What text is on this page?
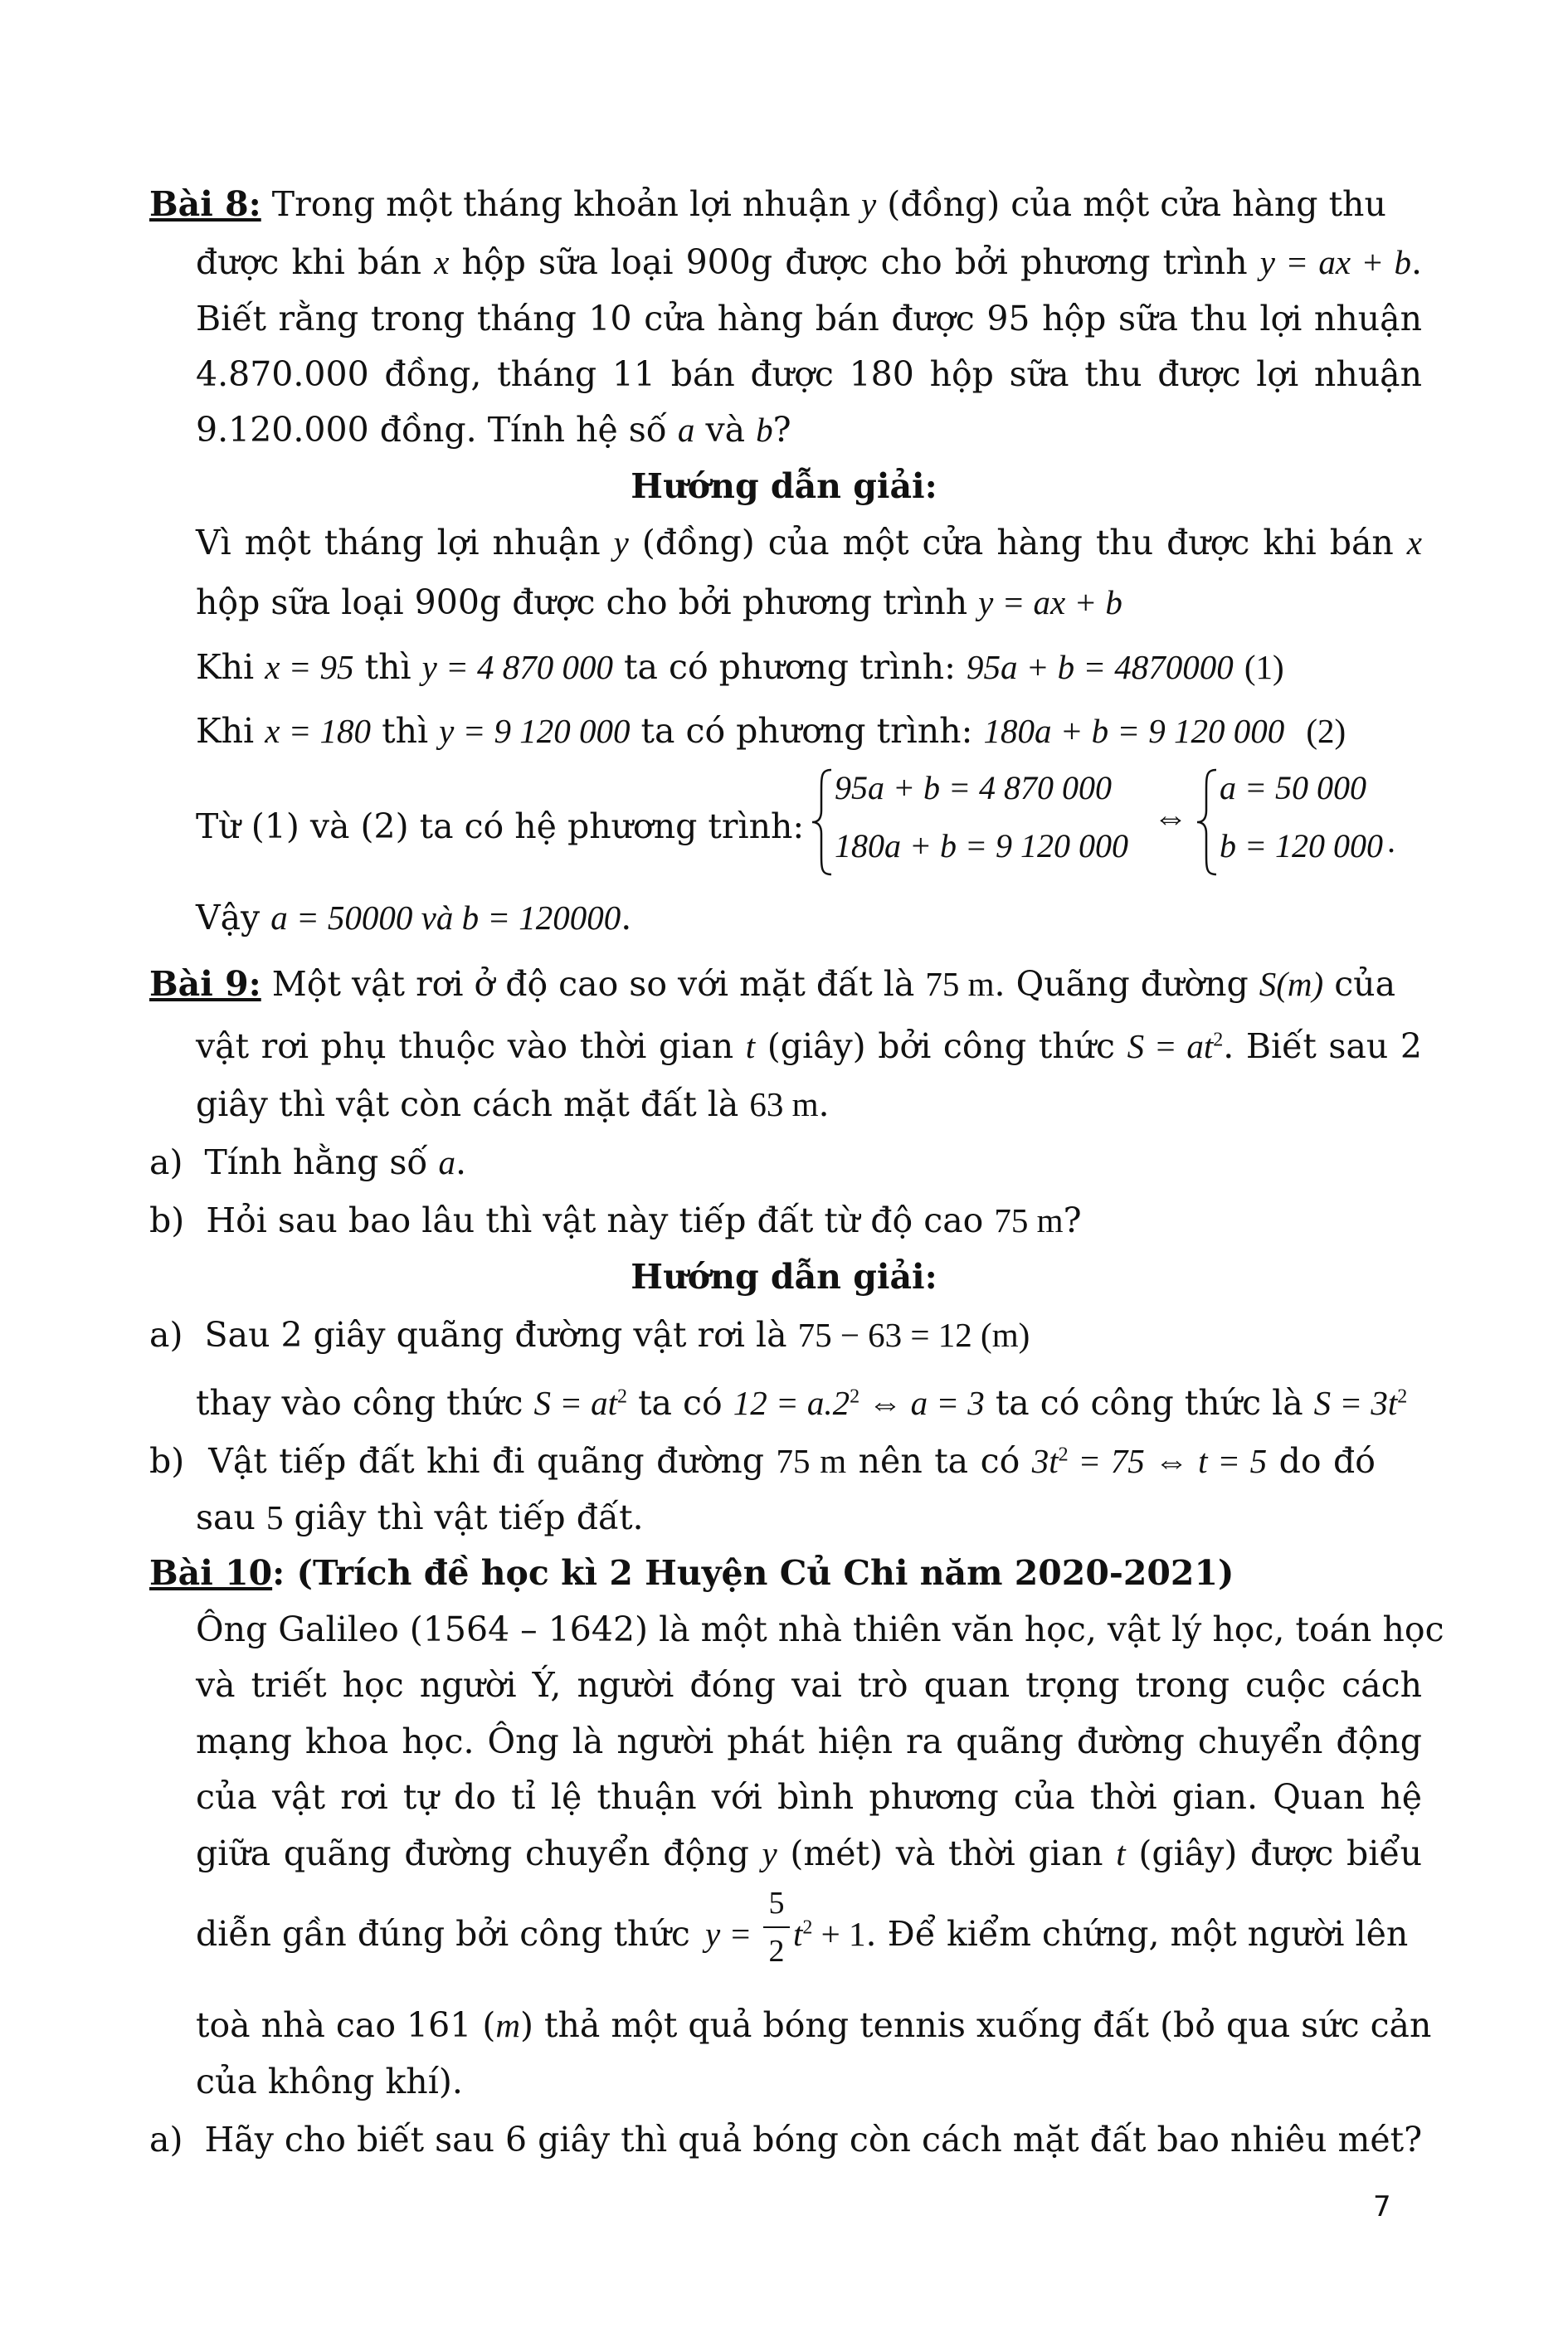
Bài 8: Trong một tháng khoản lợi nhuận y (đồng) của một cửa hàng thu
được khi bán x hộp sữa loại 900g được cho bởi phương trình y = ax + b.
Biết rằng trong tháng 10 cửa hàng bán được 95 hộp sữa thu lợi nhuận
4.870.000 đồng, tháng 11 bán được 180 hộp sữa thu được lợi nhuận
9.120.000 đồng. Tính hệ số a và b?
Hướng dẫn giải:
Vì một tháng lợi nhuận y (đồng) của một cửa hàng thu được khi bán x
hộp sữa loại 900g được cho bởi phương trình y = ax + b
Khi x = 95 thì y = 4 870 000 ta có phương trình: 95a + b = 4870000 (1)
Khi x = 180 thì y = 9 120 000 ta có phương trình: 180a + b = 9 120 000 (2)
Từ (1) và (2) ta có hệ phương trình:
95a + b = 4 870 000
180a + b = 9 120 000
⇔
a = 50 000
b = 120 000 .
Vậy a = 50000 và b = 120000.
Bài 9: Một vật rơi ở độ cao so với mặt đất là 75 m. Quãng đường S(m) của
vật rơi phụ thuộc vào thời gian t (giây) bởi công thức $S = at^2$. Biết sau 2
giây thì vật còn cách mặt đất là 63 m.
a) Tính hằng số a.
b) Hỏi sau bao lâu thì vật này tiếp đất từ độ cao 75 m?
Hướng dẫn giải:
a) Sau 2 giây quãng đường vật rơi là 75 − 63 = 12 (m)
thay vào công thức $S = at^2$ ta có $12 = a.2^2$ ⇔ a = 3 ta có công thức là $S = 3t^2$
b) Vật tiếp đất khi đi quãng đường 75 m nên ta có $3t^2 = 75$ ⇔ t = 5 do đó
sau 5 giây thì vật tiếp đất.
Bài 10: (Trích đề học kì 2 Huyện Củ Chi năm 2020-2021)
Ông Galileo (1564 – 1642) là một nhà thiên văn học, vật lý học, toán học
và triết học người Ý, người đóng vai trò quan trọng trong cuộc cách
mạng khoa học. Ông là người phát hiện ra quãng đường chuyển động
của vật rơi tự do tỉ lệ thuận với bình phương của thời gian. Quan hệ
giữa quãng đường chuyển động y (mét) và thời gian t (giây) được biểu
diễn gần đúng bởi công thức y =
5
2 $t^2 + 1$. Để kiểm chứng, một người lên
toà nhà cao 161 (m) thả một quả bóng tennis xuống đất (bỏ qua sức cản
của không khí).
a) Hãy cho biết sau 6 giây thì quả bóng còn cách mặt đất bao nhiêu mét?
7
